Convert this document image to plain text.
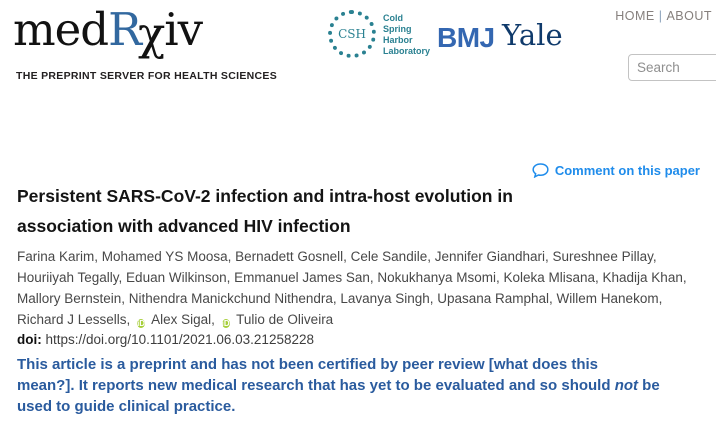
medRχiv
THE PREPRINT SERVER FOR HEALTH SCIENCES
CSH
Cold
Spring
Harbor
Laboratory BMJ Yale
HOME | ABOUT
Search
Comment on this paper
Persistent SARS-CoV-2 infection and intra-host evolution in association with advanced HIV infection
Farina Karim, Mohamed YS Moosa, Bernadett Gosnell, Cele Sandile, Jennifer Giandhari, Sureshnee Pillay,
Houriiyah Tegally, Eduan Wilkinson, Emmanuel James San, Nokukhanya Msomi, Koleka Mlisana, Khadija Khan,
Mallory Bernstein, Nithendra Manickchund Nithendra, Lavanya Singh, Upasana Ramphal, Willem Hanekom,
Richard J Lessells, iD Alex Sigal, iD Tulio de Oliveira
doi: https://doi.org/10.1101/2021.06.03.21258228
This article is a preprint and has not been certified by peer review [what does this
mean?]. It reports new medical research that has yet to be evaluated and so should not be
used to guide clinical practice.
